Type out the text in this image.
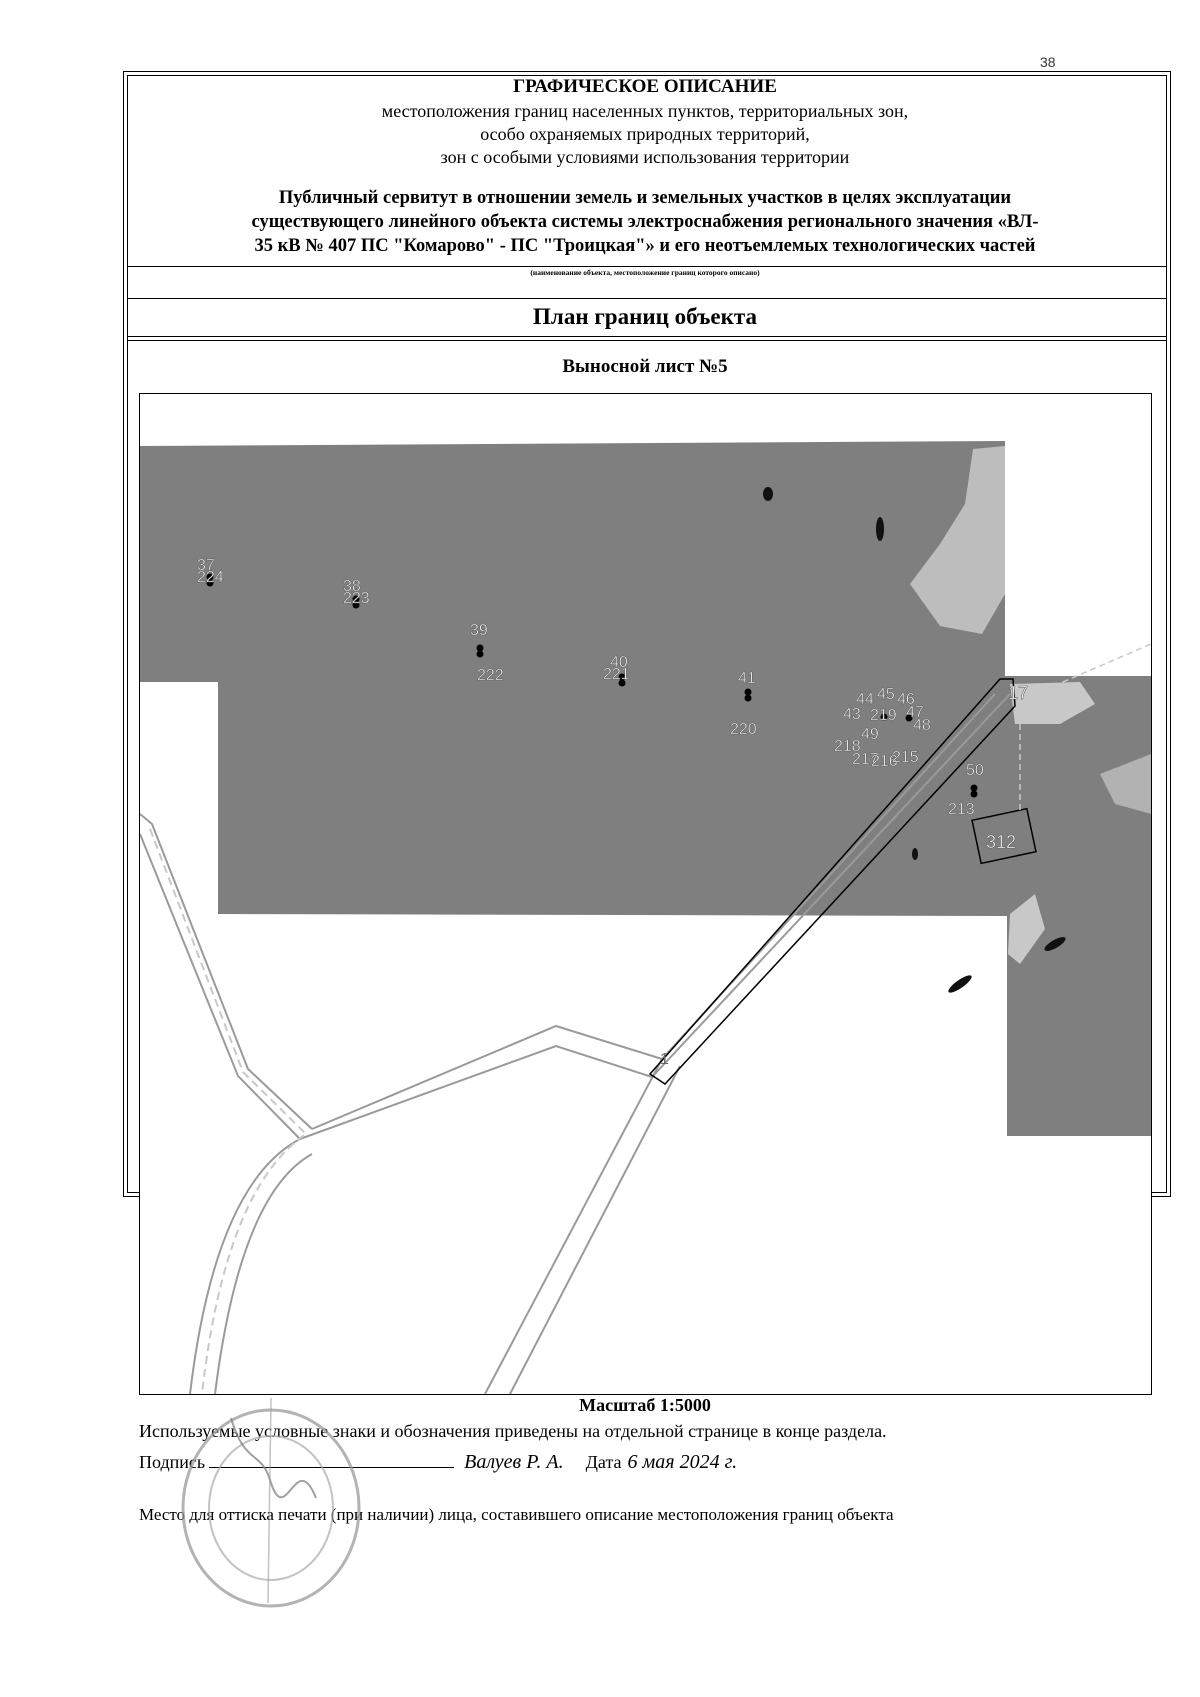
38
ГРАФИЧЕСКОЕ ОПИСАНИЕ
местоположения границ населенных пунктов, территориальных зон,
особо охраняемых природных территорий,
зон с особыми условиями использования территории
Публичный сервитут в отношении земель и земельных участков в целях эксплуатации
существующего линейного объекта системы электроснабжения регионального значения «ВЛ-
35 кВ № 407 ПС "Комарово" - ПС "Троицкая"» и его неотъемлемых технологических частей
(наименование объекта, местоположение границ которого описано)
План границ объекта
Выносной лист №5
37
224
38
223
39
222
40
221	41
220
44 45 46
43 219 47
48
218
49
217
216
215
50
213
312
17
1
Масштаб 1:5000
Используемые условные знаки и обозначения приведены на отдельной странице в конце раздела.
Подпись	Валуев Р. А. Дата 6 мая 2024 г.
Место для оттиска печати (при наличии) лица, составившего описание местоположения границ объекта
